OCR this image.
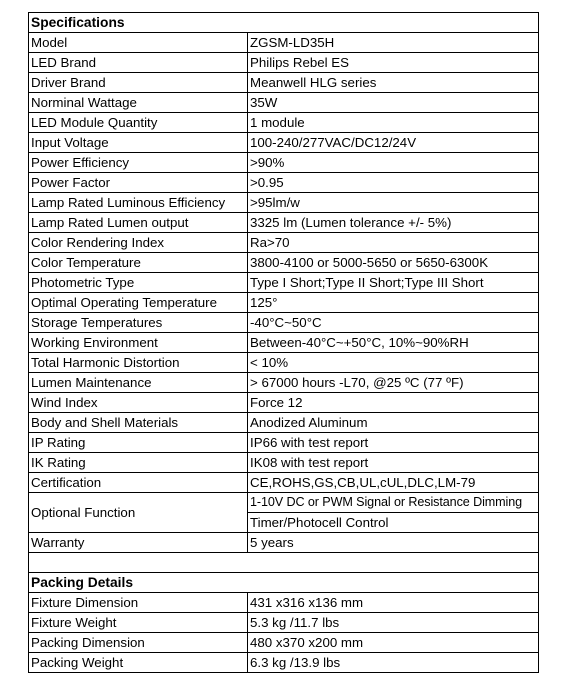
Specifications	
Model	ZGSM-LD35H
LED Brand	Philips Rebel ES
Driver Brand	Meanwell HLG series
Norminal Wattage	35W
LED Module Quantity	1 module
Input Voltage	100-240/277VAC/DC12/24V
Power Efficiency	>90%
Power Factor	>0.95
Lamp Rated Luminous Efficiency	>95lm/w
Lamp Rated Lumen output	3325 lm (Lumen tolerance +/- 5%)
Color Rendering Index	Ra>70
Color Temperature	3800-4100 or 5000-5650 or 5650-6300K
Photometric Type	Type I Short;Type II Short;Type III Short
Optimal Operating Temperature	125°
Storage Temperatures	-40°C~50°C
Working Environment	Between-40°C~+50°C, 10%~90%RH
Total Harmonic Distortion	< 10%
Lumen Maintenance	> 67000 hours -L70, @25 ºC (77 ºF)
Wind Index	Force 12
Body and Shell Materials	Anodized Aluminum
IP Rating	IP66 with test report
IK Rating	IK08 with test report
Certification	CE,ROHS,GS,CB,UL,cUL,DLC,LM-79
Optional Function	1-10V DC or PWM Signal or Resistance Dimming
	Timer/Photocell Control
Warranty	5 years

Packing Details	
Fixture Dimension	431 x316 x136 mm
Fixture Weight	5.3 kg /11.7 lbs
Packing Dimension	480 x370 x200 mm
Packing Weight	6.3 kg /13.9 lbs
